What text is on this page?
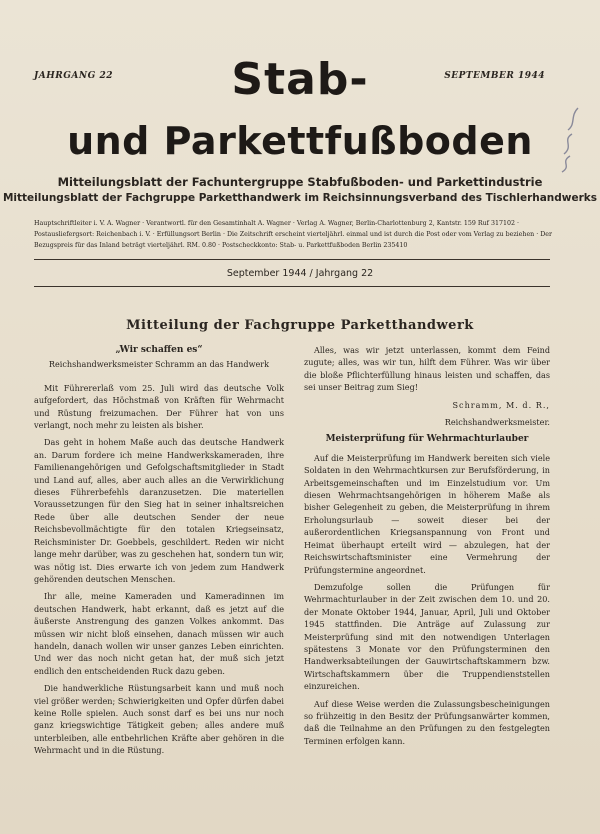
JAHRGANG 22	SEPTEMBER 1944
Stab-
und Parkettfußboden
Mitteilungsblatt der Fachuntergruppe Stabfußboden- und Parkettindustrie
Mitteilungsblatt der Fachgruppe Parketthandwerk im Reichsinnungsverband des Tischlerhandwerks
Hauptschriftleiter i. V. A. Wagner · Verantwortl. für den Gesamtinhalt A. Wagner · Verlag A. Wagner, Berlin-Charlottenburg 2, Kantstr. 159 Ruf 317102 · Postausliefergsort: Reichenbach i. V. · Erfüllungsort Berlin · Die Zeitschrift erscheint vierteljährl. einmal und ist durch die Post oder vom Verlag zu beziehen · Der Bezugspreis für das Inland beträgt vierteljährl. RM. 0.80 · Postscheckkonto: Stab- u. Parkettfußboden Berlin 235410
September 1944 / Jahrgang 22
Mitteilung der Fachgruppe Parketthandwerk
„Wir schaffen es“

Reichshandwerksmeister Schramm an das Handwerk

Mit Führererlaß vom 25. Juli wird das deutsche Volk aufgefordert, das Höchstmaß von Kräften für Wehrmacht und Rüstung freizumachen. Der Führer hat von uns verlangt, noch mehr zu leisten als bisher.

Das geht in hohem Maße auch das deutsche Handwerk an. Darum fordere ich meine Handwerkskameraden, ihre Familienangehörigen und Gefolgschaftsmitglieder in Stadt und Land auf, alles, aber auch alles an die Verwirklichung dieses Führerbefehls daranzusetzen. Die materiellen Voraussetzungen für den Sieg hat in seiner inhaltsreichen Rede über alle deutschen Sender der neue Reichsbevollmächtigte für den totalen Kriegseinsatz, Reichsminister Dr. Goebbels, geschildert. Reden wir nicht lange mehr darüber, was zu geschehen hat, sondern tun wir, was nötig ist. Dies erwarte ich von jedem zum Handwerk gehörenden deutschen Menschen.

Ihr alle, meine Kameraden und Kameradinnen im deutschen Handwerk, habt erkannt, daß es jetzt auf die äußerste Anstrengung des ganzen Volkes ankommt. Das müssen wir nicht bloß einsehen, danach müssen wir auch handeln, danach wollen wir unser ganzes Leben einrichten. Und wer das noch nicht getan hat, der muß sich jetzt endlich den entscheidenden Ruck dazu geben.

Die handwerkliche Rüstungsarbeit kann und muß noch viel größer werden; Schwierigkeiten und Opfer dürfen dabei keine Rolle spielen. Auch sonst darf es bei uns nur noch ganz kriegswichtige Tätigkeit geben; alles andere muß unterbleiben, alle entbehrlichen Kräfte aber gehören in die Wehrmacht und in die Rüstung.

Alles, was wir jetzt unterlassen, kommt dem Feind zugute; alles, was wir tun, hilft dem Führer. Was wir über die bloße Pflichterfüllung hinaus leisten und schaffen, das sei unser Beitrag zum Sieg!

Schramm, M. d. R.,

Reichshandwerksmeister.

Meisterprüfung für Wehrmachturlauber

Auf die Meisterprüfung im Handwerk bereiten sich viele Soldaten in den Wehrmachtkursen zur Berufsförderung, in Arbeitsgemeinschaften und im Einzelstudium vor. Um diesen Wehrmachtsangehörigen in höherem Maße als bisher Gelegenheit zu geben, die Meisterprüfung in ihrem Erholungsurlaub — soweit dieser bei der außerordentlichen Kriegsanspannung von Front und Heimat überhaupt erteilt wird — abzulegen, hat der Reichswirtschaftsminister eine Vermehrung der Prüfungstermine angeordnet.

Demzufolge sollen die Prüfungen für Wehrmachturlauber in der Zeit zwischen dem 10. und 20. der Monate Oktober 1944, Januar, April, Juli und Oktober 1945 stattfinden. Die Anträge auf Zulassung zur Meisterprüfung sind mit den notwendigen Unterlagen spätestens 3 Monate vor den Prüfungsterminen den Handwerksabteilungen der Gauwirtschaftskammern bzw. Wirtschaftskammern über die Truppendienststellen einzureichen.

Auf diese Weise werden die Zulassungsbescheinigungen so frühzeitig in den Besitz der Prüfungsanwärter kommen, daß die Teilnahme an den Prüfungen zu den festgelegten Terminen erfolgen kann.
